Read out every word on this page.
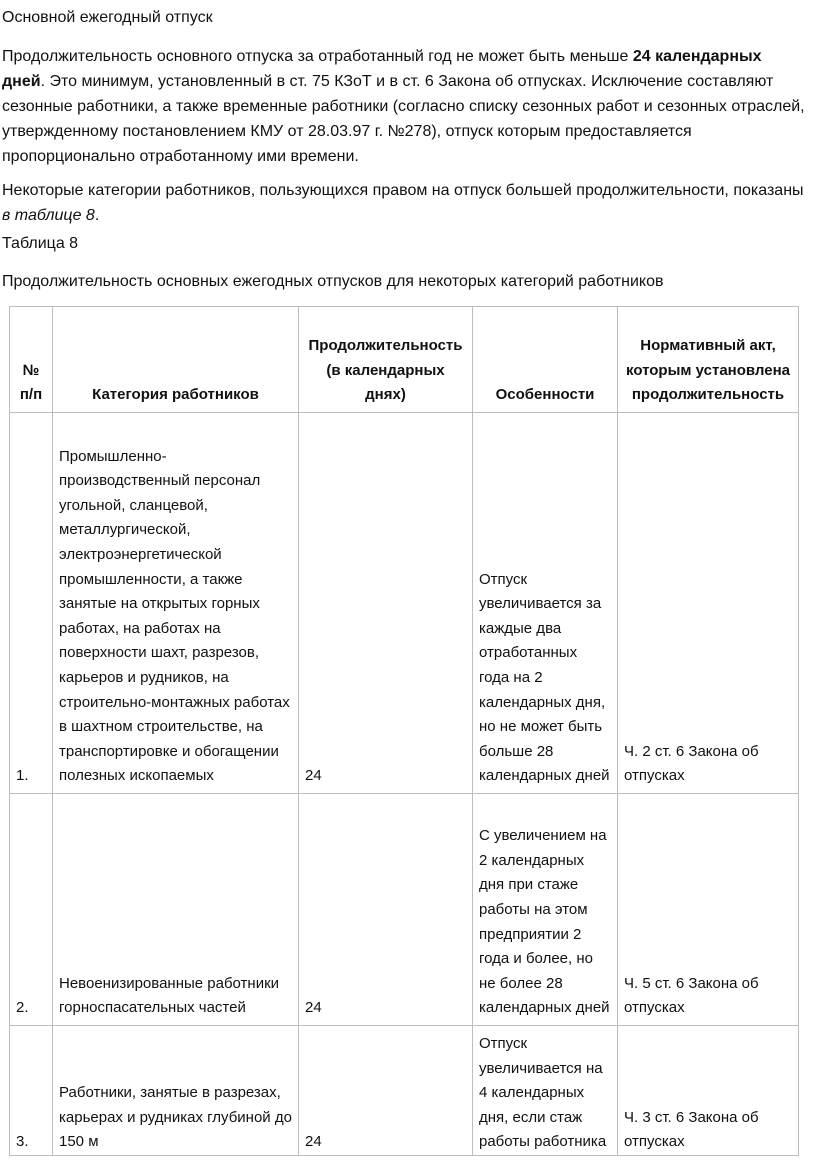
Основной ежегодный отпуск
Продолжительность основного отпуска за отработанный год не может быть меньше 24 календарных дней. Это минимум, установленный в ст. 75 КЗоТ и в ст. 6 Закона об отпусках. Исключение составляют сезонные работники, а также временные работники (согласно списку сезонных работ и сезонных отраслей, утвержденному постановлением КМУ от 28.03.97 г. №278), отпуск которым предоставляется пропорционально отработанному ими времени.
Некоторые категории работников, пользующихся правом на отпуск большей продолжительности, показаны в таблице 8.
Таблица 8
Продолжительность основных ежегодных отпусков для некоторых категорий работников
№ п/п	Категория работников	Продолжительность (в календарных днях)	Особенности	Нормативный акт, которым установлена продолжительность
1.	Промышленно-производственный персонал угольной, сланцевой, металлургической, электроэнергетической промышленности, а также занятые на открытых горных работах, на работах на поверхности шахт, разрезов, карьеров и рудников, на строительно-монтажных работах в шахтном строительстве, на транспортировке и обогащении полезных ископаемых	24	Отпуск увеличивается за каждые два отработанных года на 2 календарных дня, но не может быть больше 28 календарных дней	Ч. 2 ст. 6 Закона об отпусках
2.	Невоенизированные работники горноспасательных частей	24	С увеличением на 2 календарных дня при стаже работы на этом предприятии 2 года и более, но не более 28 календарных дней	Ч. 5 ст. 6 Закона об отпусках
3.	Работники, занятые в разрезах, карьерах и рудниках глубиной до 150 м	24	Отпуск увеличивается на 4 календарных дня, если стаж работы работника	Ч. 3 ст. 6 Закона об отпусках
